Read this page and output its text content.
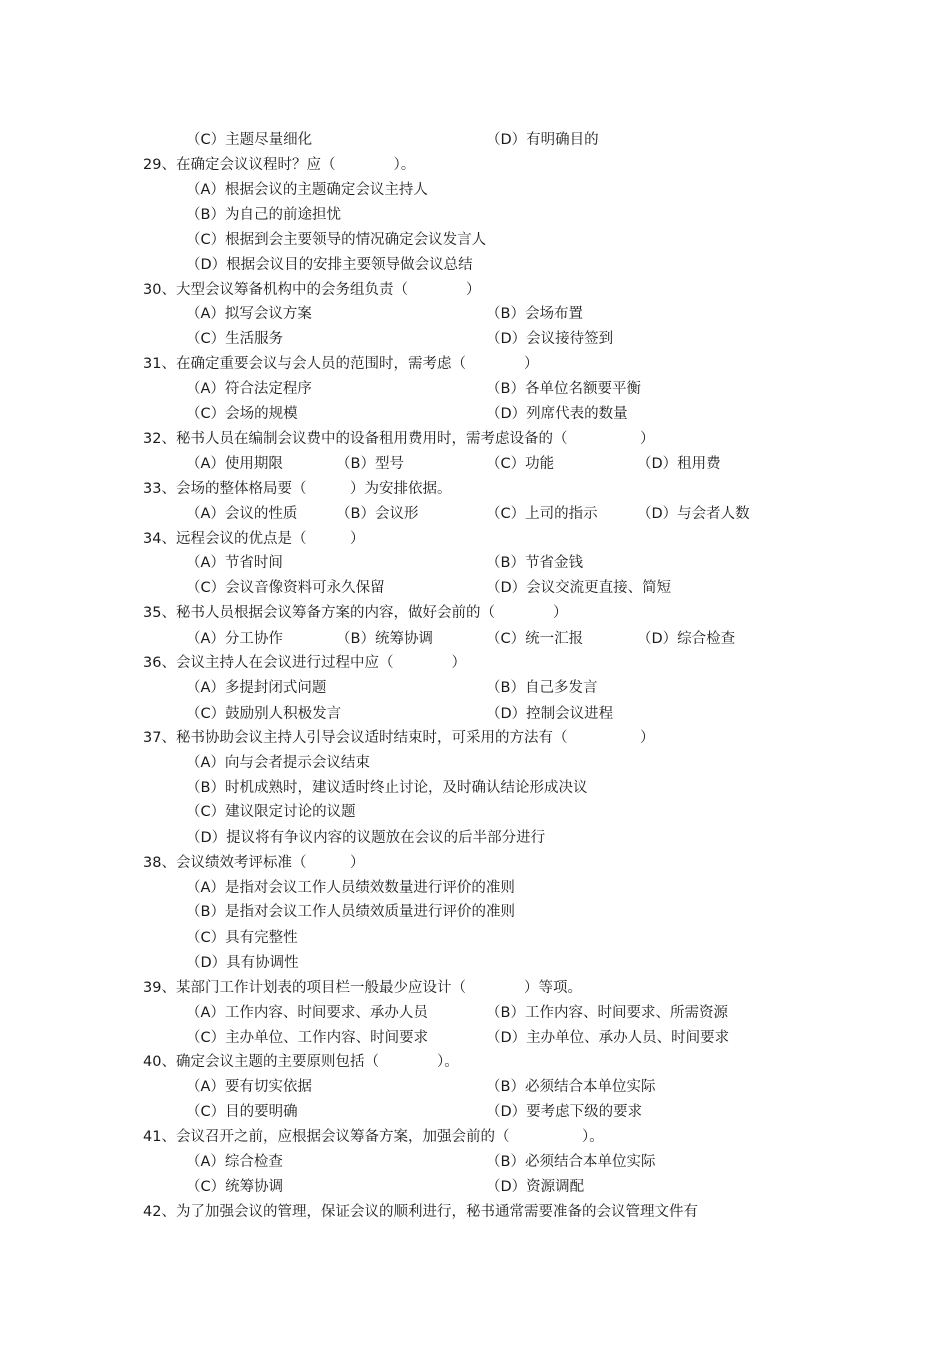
（C）主题尽量细化	（D）有明确目的
29、在确定会议议程时？应（　　　　）。
（A）根据会议的主题确定会议主持人
（B）为自己的前途担忧
（C）根据到会主要领导的情况确定会议发言人
（D）根据会议目的安排主要领导做会议总结
30、大型会议筹备机构中的会务组负责（　　　　）
（A）拟写会议方案	（B）会场布置
（C）生活服务	（D）会议接待签到
31、在确定重要会议与会人员的范围时，需考虑（　　　　）
（A）符合法定程序	（B）各单位名额要平衡
（C）会场的规模	（D）列席代表的数量
32、秘书人员在编制会议费中的设备租用费用时，需考虑设备的（　　　　　）
（A）使用期限	（B）型号	（C）功能	（D）租用费
33、会场的整体格局要（　　　）为安排依据。
（A）会议的性质	（B）会议形	（C）上司的指示	（D）与会者人数
34、远程会议的优点是（　　　）
（A）节省时间	（B）节省金钱
（C）会议音像资料可永久保留	（D）会议交流更直接、简短
35、秘书人员根据会议筹备方案的内容，做好会前的（　　　　）
（A）分工协作	（B）统筹协调	（C）统一汇报	（D）综合检查
36、会议主持人在会议进行过程中应（　　　　）
（A）多提封闭式问题	（B）自己多发言
（C）鼓励别人积极发言	（D）控制会议进程
37、秘书协助会议主持人引导会议适时结束时，可采用的方法有（　　　　　）
（A）向与会者提示会议结束
（B）时机成熟时，建议适时终止讨论，及时确认结论形成决议
（C）建议限定讨论的议题
（D）提议将有争议内容的议题放在会议的后半部分进行
38、会议绩效考评标准（　　　）
（A）是指对会议工作人员绩效数量进行评价的准则
（B）是指对会议工作人员绩效质量进行评价的准则
（C）具有完整性
（D）具有协调性
39、某部门工作计划表的项目栏一般最少应设计（　　　　）等项。
（A）工作内容、时间要求、承办人员	（B）工作内容、时间要求、所需资源
（C）主办单位、工作内容、时间要求	（D）主办单位、承办人员、时间要求
40、确定会议主题的主要原则包括（　　　　）。
（A）要有切实依据	（B）必须结合本单位实际
（C）目的要明确	（D）要考虑下级的要求
41、会议召开之前，应根据会议筹备方案，加强会前的（　　　　　）。
（A）综合检查	（B）必须结合本单位实际
（C）统筹协调	（D）资源调配
42、为了加强会议的管理，保证会议的顺利进行，秘书通常需要准备的会议管理文件有
